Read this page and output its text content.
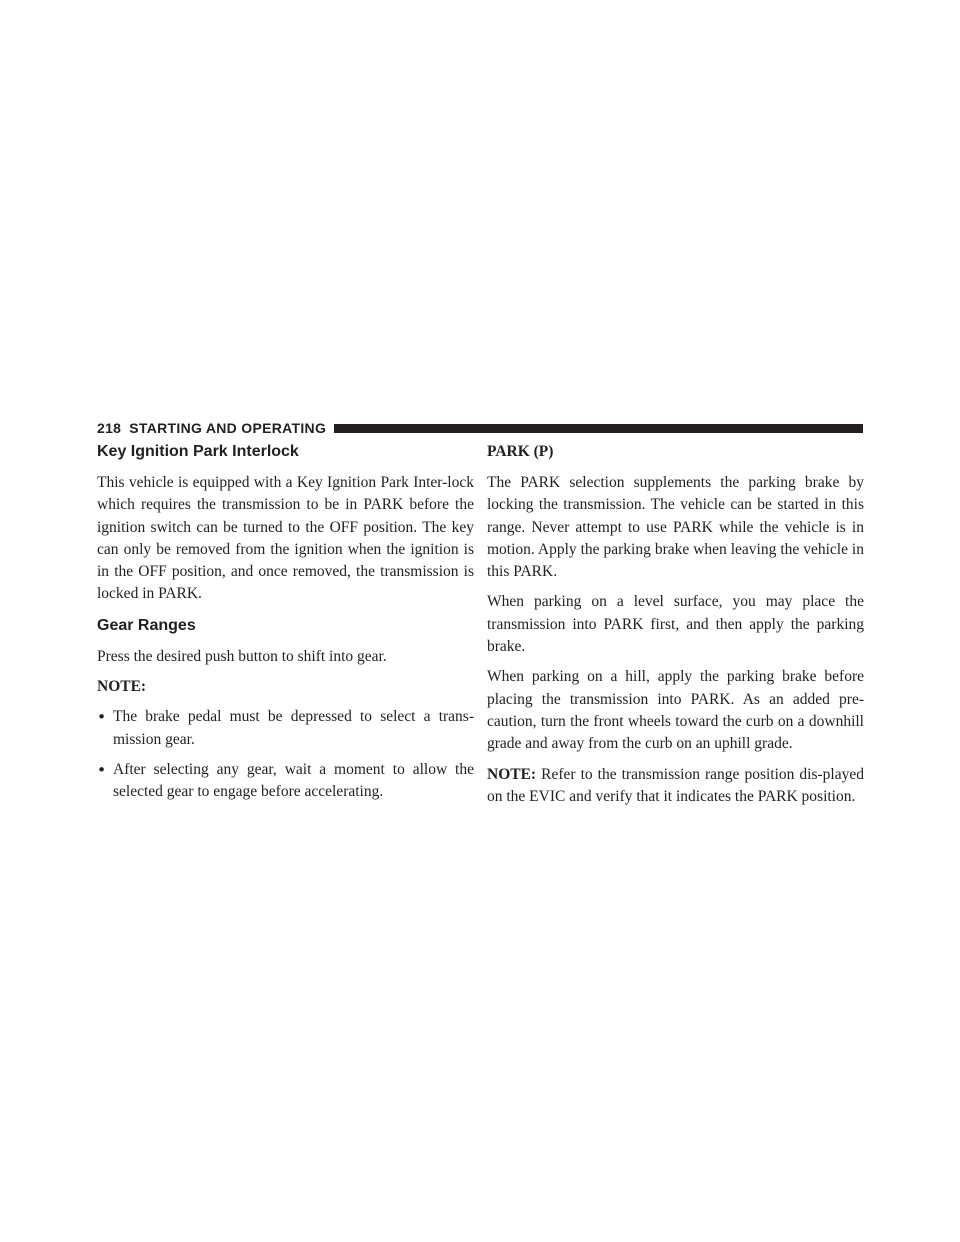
218 STARTING AND OPERATING
Key Ignition Park Interlock

This vehicle is equipped with a Key Ignition Park Inter-lock which requires the transmission to be in PARK before the ignition switch can be turned to the OFF position. The key can only be removed from the ignition when the ignition is in the OFF position, and once removed, the transmission is locked in PARK.

Gear Ranges

Press the desired push button to shift into gear.

NOTE:

• The brake pedal must be depressed to select a trans-mission gear.
• After selecting any gear, wait a moment to allow the selected gear to engage before accelerating.
PARK (P)

The PARK selection supplements the parking brake by locking the transmission. The vehicle can be started in this range. Never attempt to use PARK while the vehicle is in motion. Apply the parking brake when leaving the vehicle in this PARK.

When parking on a level surface, you may place the transmission into PARK first, and then apply the parking brake.

When parking on a hill, apply the parking brake before placing the transmission into PARK. As an added pre-caution, turn the front wheels toward the curb on a downhill grade and away from the curb on an uphill grade.

NOTE: Refer to the transmission range position dis-played on the EVIC and verify that it indicates the PARK position.
